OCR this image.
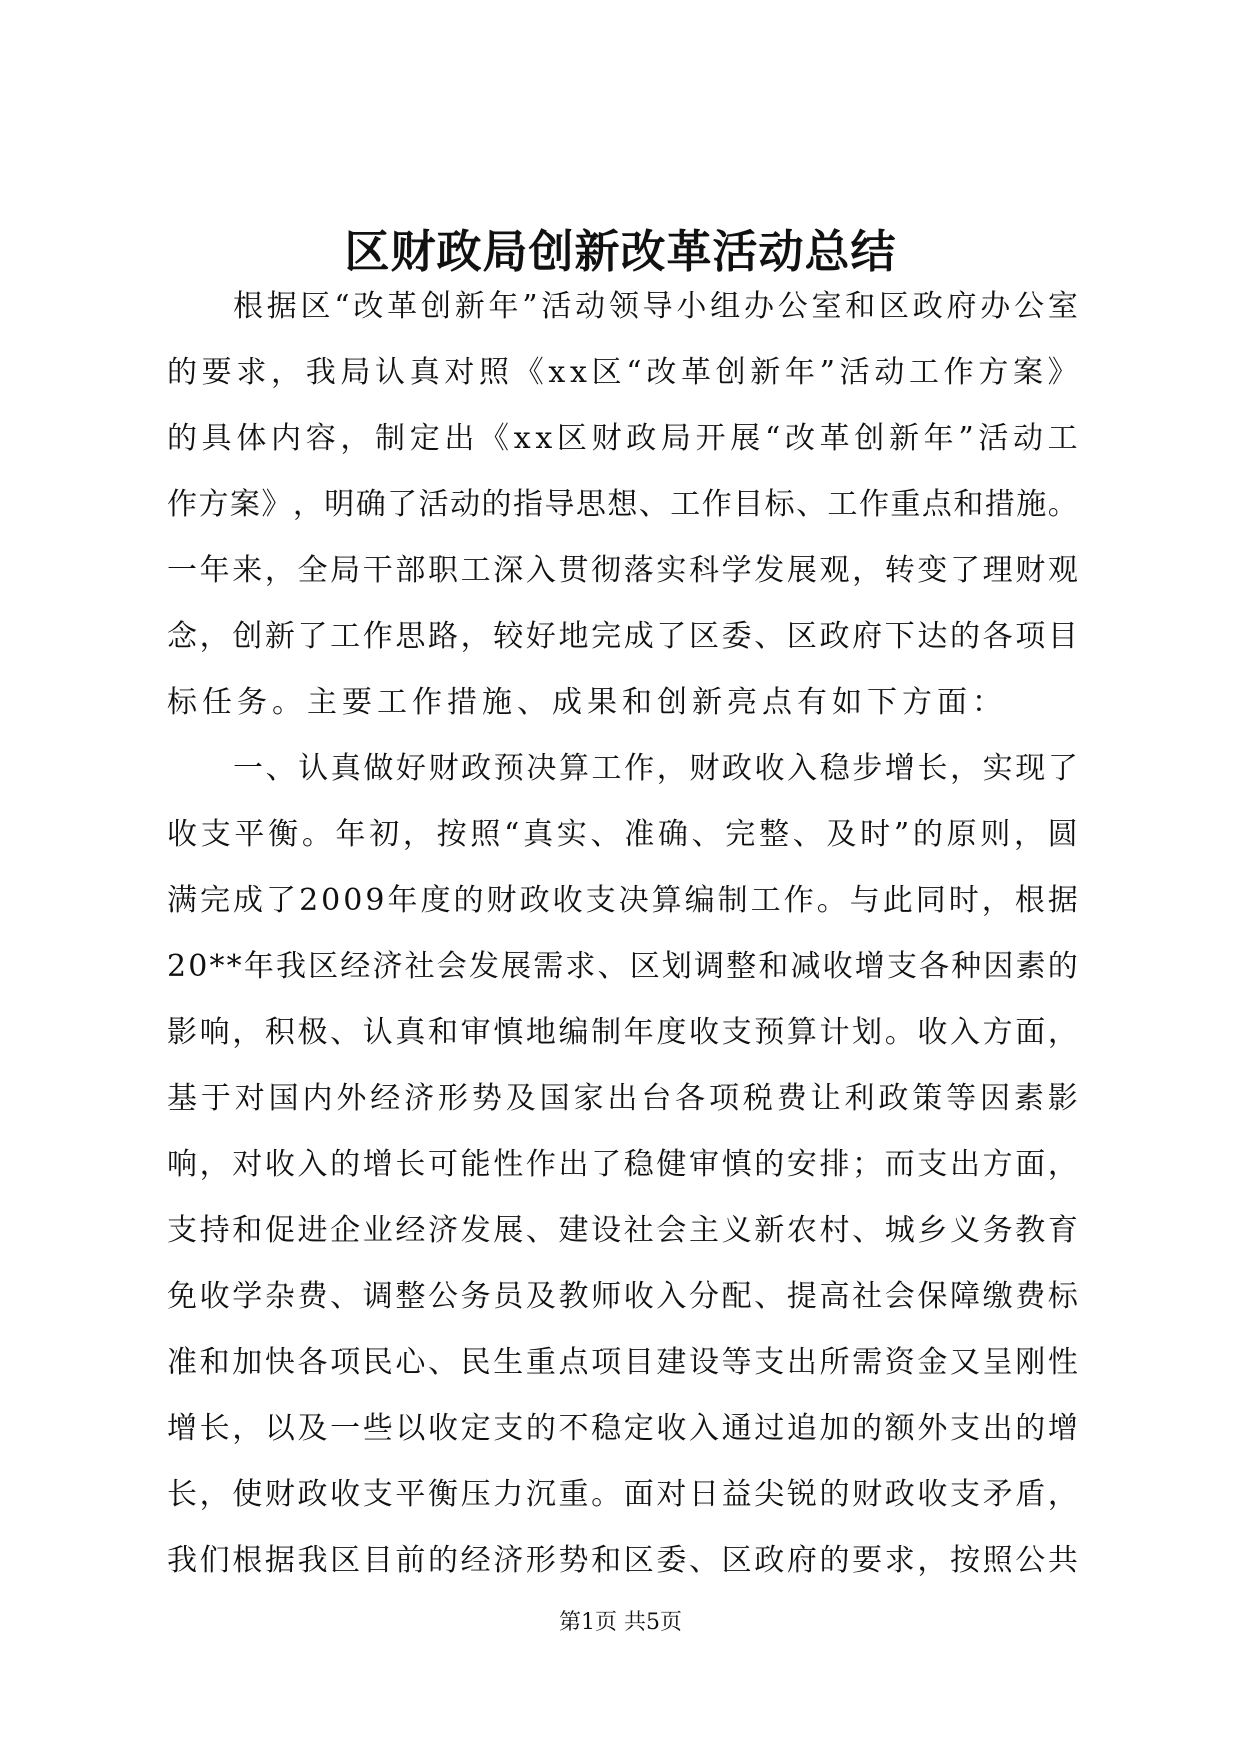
区财政局创新改革活动总结
根 据 区 “ 改 革 创 新 年 ” 活 动 领 导 小 组 办 公 室 和 区 政 府 办 公 室
的 要 求 ， 我 局 认 真 对 照 《 x x 区 “ 改 革 创 新 年 ” 活 动 工 作 方 案 》
的 具 体 内 容 ， 制 定 出 《 x x 区 财 政 局 开 展 “ 改 革 创 新 年 ” 活 动 工
作 方 案 》 ， 明 确 了 活 动 的 指 导 思 想 、 工 作 目 标 、 工 作 重 点 和 措 施 。
一 年 来 ， 全 局 干 部 职 工 深 入 贯 彻 落 实 科 学 发 展 观 ， 转 变 了 理 财 观
念 ， 创 新 了 工 作 思 路 ， 较 好 地 完 成 了 区 委 、 区 政 府 下 达 的 各 项 目
标任务。主要工作措施、成果和创新亮点有如下方面：
一 、 认 真 做 好 财 政 预 决 算 工 作 ， 财 政 收 入 稳 步 增 长 ， 实 现 了
收 支 平 衡 。 年 初 ， 按 照 “ 真 实 、 准 确 、 完 整 、 及 时 ” 的 原 则 ， 圆
满 完 成 了 2 0 0 9 年 度 的 财 政 收 支 决 算 编 制 工 作 。 与 此 同 时 ， 根 据
2 0 * * 年 我 区 经 济 社 会 发 展 需 求 、 区 划 调 整 和 减 收 增 支 各 种 因 素 的
影 响 ， 积 极 、 认 真 和 审 慎 地 编 制 年 度 收 支 预 算 计 划 。 收 入 方 面 ，
基 于 对 国 内 外 经 济 形 势 及 国 家 出 台 各 项 税 费 让 利 政 策 等 因 素 影
响 ， 对 收 入 的 增 长 可 能 性 作 出 了 稳 健 审 慎 的 安 排 ； 而 支 出 方 面 ，
支 持 和 促 进 企 业 经 济 发 展 、 建 设 社 会 主 义 新 农 村 、 城 乡 义 务 教 育
免 收 学 杂 费 、 调 整 公 务 员 及 教 师 收 入 分 配 、 提 高 社 会 保 障 缴 费 标
准 和 加 快 各 项 民 心 、 民 生 重 点 项 目 建 设 等 支 出 所 需 资 金 又 呈 刚 性
增 长 ， 以 及 一 些 以 收 定 支 的 不 稳 定 收 入 通 过 追 加 的 额 外 支 出 的 增
长 ， 使 财 政 收 支 平 衡 压 力 沉 重 。 面 对 日 益 尖 锐 的 财 政 收 支 矛 盾 ，
我 们 根 据 我 区 目 前 的 经 济 形 势 和 区 委 、 区 政 府 的 要 求 ， 按 照 公 共
第1页 共5页
